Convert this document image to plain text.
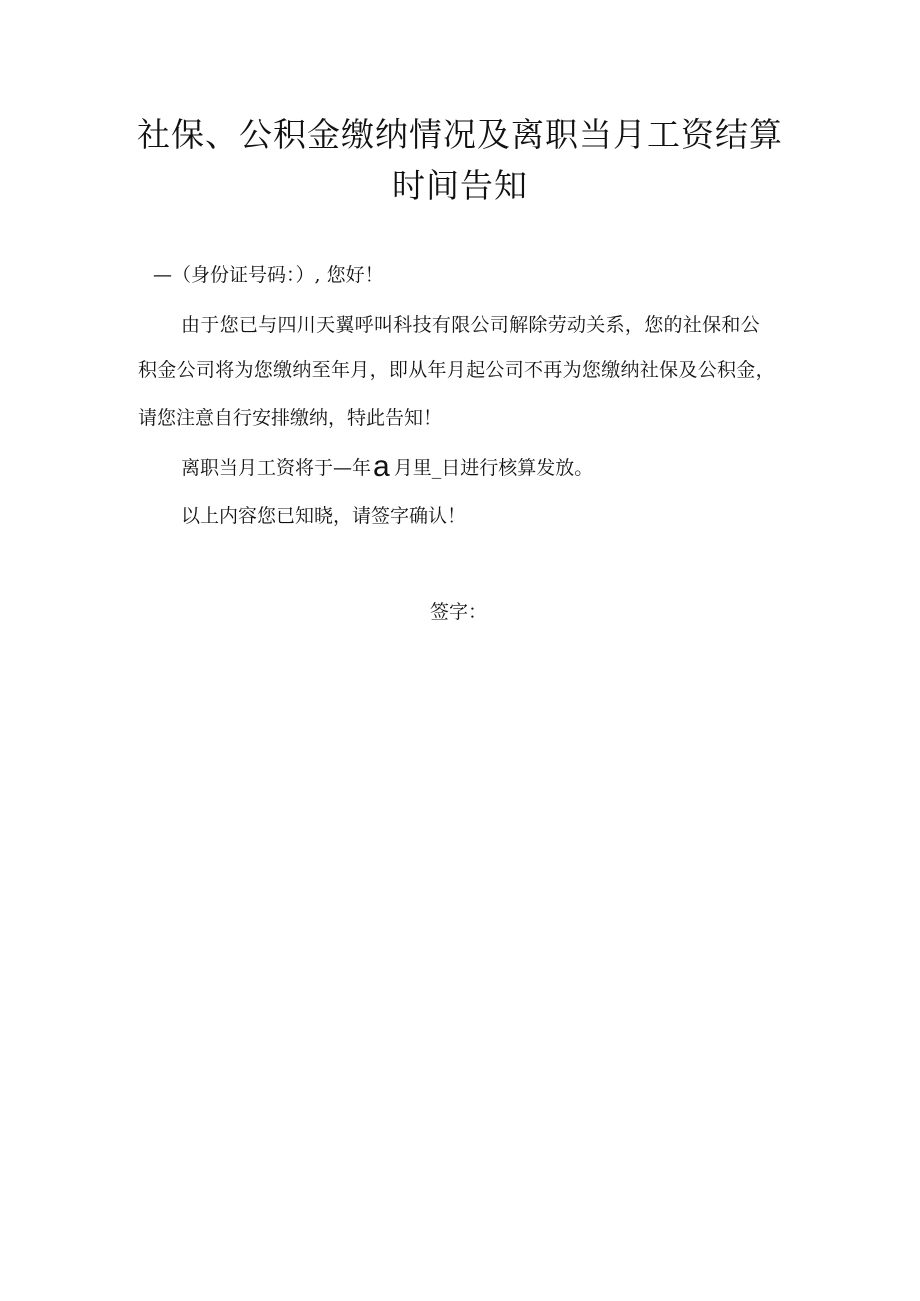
社保、公积金缴纳情况及离职当月工资结算
时间告知
—（身份证号码：）, 您好！
由于您已与四川天翼呼叫科技有限公司解除劳动关系，您的社保和公
积金公司将为您缴纳至年月，即从年月起公司不再为您缴纳社保及公积金，
请您注意自行安排缴纳，特此告知！
离职当月工资将于—年a 月里_日进行核算发放。
以上内容您已知晓，请签字确认！
签字：
